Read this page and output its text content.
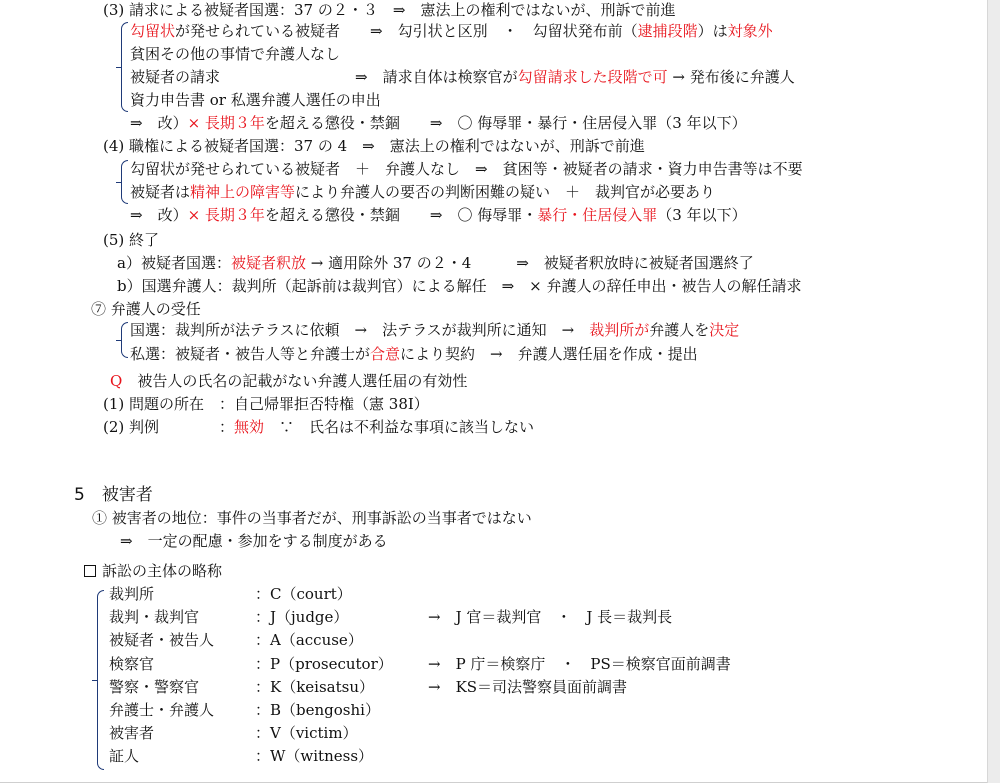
(3) 請求による被疑者国選：37 の２・３　⇒　憲法上の権利ではないが、刑訴で前進
勾留状が発せられている被疑者　　⇒　勾引状と区別　・　勾留状発布前（逮捕段階）は対象外
貧困その他の事情で弁護人なし
被疑者の請求　　　　　　　　　⇒　請求自体は検察官が勾留請求した段階で可 → 発布後に弁護人
資力申告書 or 私選弁護人選任の申出
⇒　改）× 長期３年を超える懲役・禁錮　　⇒　〇 侮辱罪・暴行・住居侵入罪（3 年以下）
(4) 職権による被疑者国選：37 の 4　⇒　憲法上の権利ではないが、刑訴で前進
勾留状が発せられている被疑者　＋　弁護人なし　⇒　貧困等・被疑者の請求・資力申告書等は不要
被疑者は精神上の障害等により弁護人の要否の判断困難の疑い　＋　裁判官が必要あり
⇒　改）× 長期３年を超える懲役・禁錮　　⇒　〇 侮辱罪・暴行・住居侵入罪（3 年以下）
(5) 終了
a）被疑者国選：被疑者釈放 → 適用除外 37 の２・4　　　⇒　被疑者釈放時に被疑者国選終了
b）国選弁護人：裁判所（起訴前は裁判官）による解任　⇒　× 弁護人の辞任申出・被告人の解任請求
⑦ 弁護人の受任
国選：裁判所が法テラスに依頼　→　法テラスが裁判所に通知　→　裁判所が弁護人を決定
私選：被疑者・被告人等と弁護士が合意により契約　→　弁護人選任届を作成・提出
Q　 被告人の氏名の記載がない弁護人選任届の有効性
(1) 問題の所在　：自己帰罪拒否特権（憲 38Ⅰ）
(2) 判例　　　　：無効　∵　氏名は不利益な事項に該当しない
5　被害者
① 被害者の地位：事件の当事者だが、刑事訴訟の当事者ではない
⇒　一定の配慮・参加をする制度がある
訴訟の主体の略称
裁判所	：C（court）
裁判・裁判官	：J（judge）	→　J 官＝裁判官　・　J 長＝裁判長
被疑者・被告人	：A（accuse）
検察官	：P（prosecutor） →　P 庁＝検察庁　・　PS＝検察官面前調書
警察・警察官	：K（keisatsu）	→　KS＝司法警察員面前調書
弁護士・弁護人	：B（bengoshi）
被害者	：V（victim）
証人	：W（witness）
